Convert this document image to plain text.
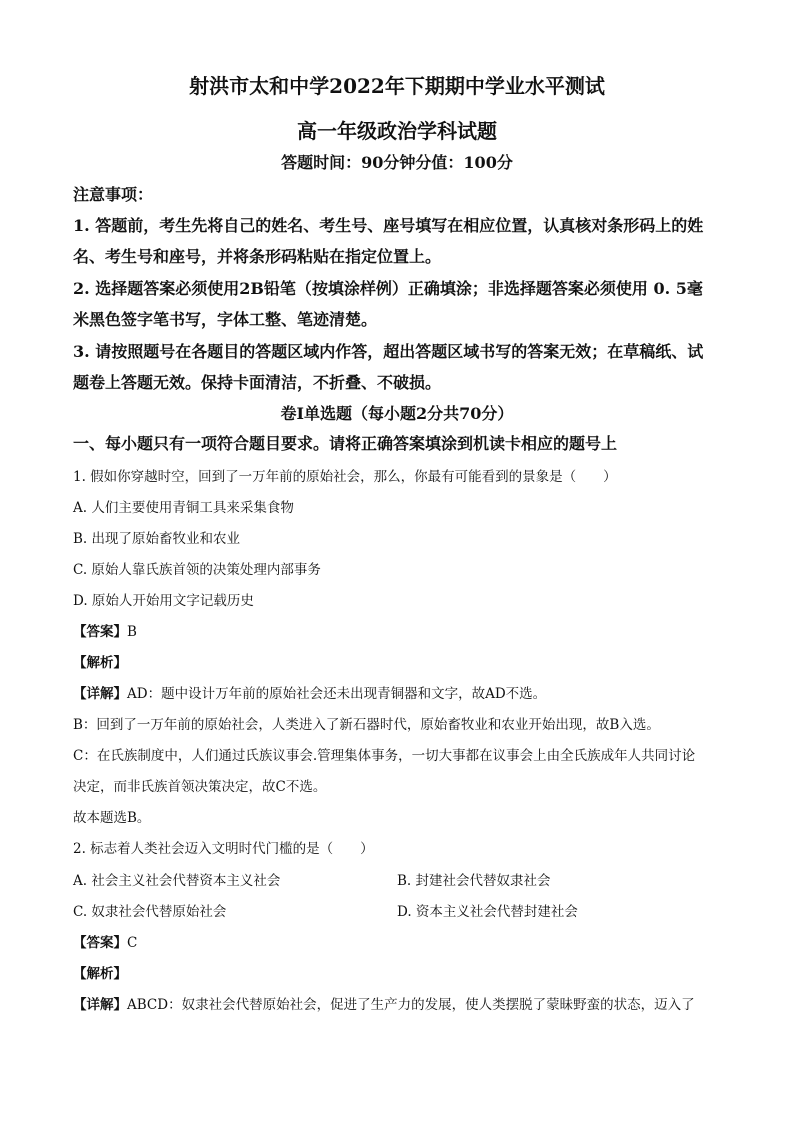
射洪市太和中学2022年下期期中学业水平测试
高一年级政治学科试题
答题时间：90分钟分值：100分
注意事项：
1. 答题前，考生先将自己的姓名、考生号、座号填写在相应位置，认真核对条形码上的姓
名、考生号和座号，并将条形码粘贴在指定位置上。
2. 选择题答案必须使用2B铅笔（按填涂样例）正确填涂；非选择题答案必须使用 0. 5毫
米黑色签字笔书写，字体工整、笔迹清楚。
3. 请按照题号在各题目的答题区域内作答，超出答题区域书写的答案无效；在草稿纸、试
题卷上答题无效。保持卡面清洁，不折叠、不破损。
卷Ⅰ单选题（每小题2分共70分）
一、每小题只有一项符合题目要求。请将正确答案填涂到机读卡相应的题号上
1. 假如你穿越时空，回到了一万年前的原始社会，那么，你最有可能看到的景象是（　　）
A. 人们主要使用青铜工具来采集食物
B. 出现了原始畜牧业和农业
C. 原始人靠氏族首领的决策处理内部事务
D. 原始人开始用文字记载历史
【答案】B
【解析】
【详解】AD：题中设计万年前的原始社会还未出现青铜器和文字，故AD不选。
B：回到了一万年前的原始社会，人类进入了新石器时代，原始畜牧业和农业开始出现，故B入选。
C：在氏族制度中，人们通过氏族议事会.管理集体事务，一切大事都在议事会上由全氏族成年人共同讨论
决定，而非氏族首领决策决定，故C不选。
故本题选B。
2. 标志着人类社会迈入文明时代门槛的是（　　）
A. 社会主义社会代替资本主义社会	B. 封建社会代替奴隶社会
C. 奴隶社会代替原始社会	D. 资本主义社会代替封建社会
【答案】C
【解析】
【详解】ABCD：奴隶社会代替原始社会，促进了生产力的发展，使人类摆脱了蒙昧野蛮的状态，迈入了
